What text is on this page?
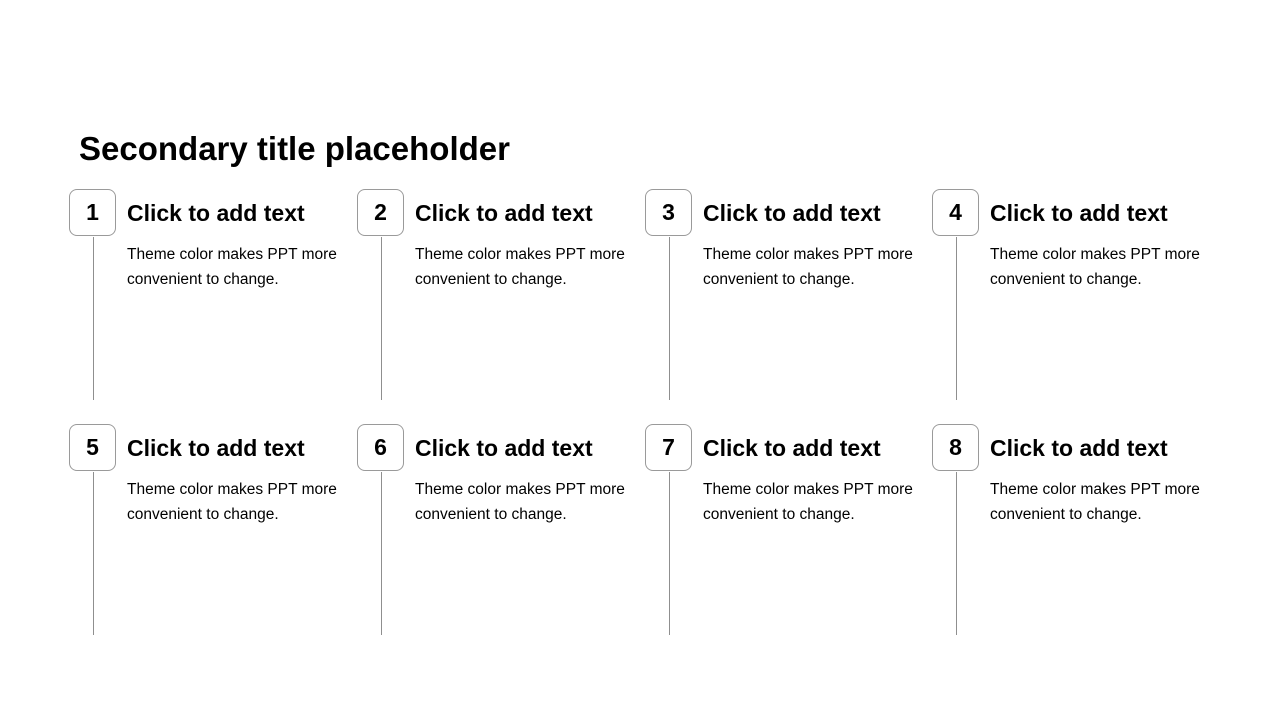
Secondary title placeholder
1	Click to add text
Theme color makes PPT more convenient to change.
2	Click to add text
Theme color makes PPT more convenient to change.
3	Click to add text
Theme color makes PPT more convenient to change.
4	Click to add text
Theme color makes PPT more convenient to change.
5	Click to add text
Theme color makes PPT more convenient to change.
6	Click to add text
Theme color makes PPT more convenient to change.
7	Click to add text
Theme color makes PPT more convenient to change.
8	Click to add text
Theme color makes PPT more convenient to change.
